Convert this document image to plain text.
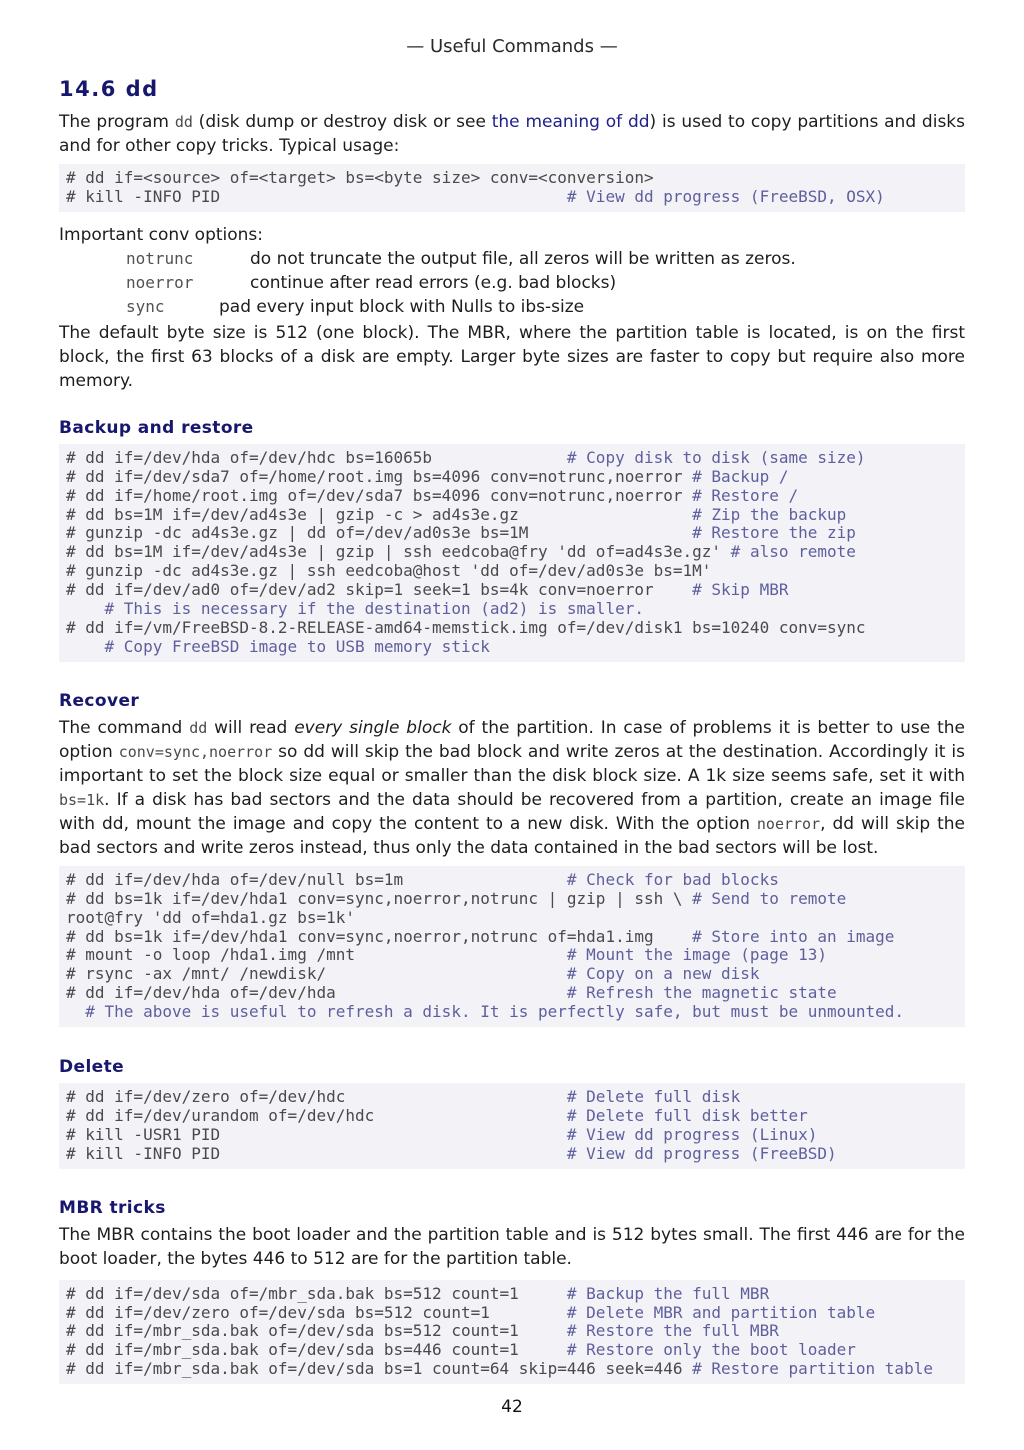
— Useful Commands —
14.6 dd

The program dd (disk dump or destroy disk or see the meaning of dd) is used to copy partitions and disks and for other copy tricks. Typical usage:

# dd if=<source> of=<target> bs=<byte size> conv=<conversion>
# kill -INFO PID                                    # View dd progress (FreeBSD, OSX)

Important conv options:

notrunc	do not truncate the output file, all zeros will be written as zeros.
noerror	continue after read errors (e.g. bad blocks)
sync	pad every input block with Nulls to ibs-size

The default byte size is 512 (one block). The MBR, where the partition table is located, is on the first block, the first 63 blocks of a disk are empty. Larger byte sizes are faster to copy but require also more memory.

Backup and restore
# dd if=/dev/hda of=/dev/hdc bs=16065b              # Copy disk to disk (same size)
# dd if=/dev/sda7 of=/home/root.img bs=4096 conv=notrunc,noerror # Backup /
# dd if=/home/root.img of=/dev/sda7 bs=4096 conv=notrunc,noerror # Restore /
# dd bs=1M if=/dev/ad4s3e | gzip -c > ad4s3e.gz                  # Zip the backup
# gunzip -dc ad4s3e.gz | dd of=/dev/ad0s3e bs=1M                 # Restore the zip
# dd bs=1M if=/dev/ad4s3e | gzip | ssh eedcoba@fry 'dd of=ad4s3e.gz' # also remote
# gunzip -dc ad4s3e.gz | ssh eedcoba@host 'dd of=/dev/ad0s3e bs=1M'
# dd if=/dev/ad0 of=/dev/ad2 skip=1 seek=1 bs=4k conv=noerror    # Skip MBR
# This is necessary if the destination (ad2) is smaller.
# dd if=/vm/FreeBSD-8.2-RELEASE-amd64-memstick.img of=/dev/disk1 bs=10240 conv=sync
# Copy FreeBSD image to USB memory stick
Recover

The command dd will read every single block of the partition. In case of problems it is better to use the option conv=sync,noerror so dd will skip the bad block and write zeros at the destination. Accordingly it is important to set the block size equal or smaller than the disk block size. A 1k size seems safe, set it with bs=1k. If a disk has bad sectors and the data should be recovered from a partition, create an image file with dd, mount the image and copy the content to a new disk. With the option noerror, dd will skip the bad sectors and write zeros instead, thus only the data contained in the bad sectors will be lost.

# dd if=/dev/hda of=/dev/null bs=1m                 # Check for bad blocks
# dd bs=1k if=/dev/hda1 conv=sync,noerror,notrunc | gzip | ssh \ # Send to remote
root@fry 'dd of=hda1.gz bs=1k'
# dd bs=1k if=/dev/hda1 conv=sync,noerror,notrunc of=hda1.img    # Store into an image
# mount -o loop /hda1.img /mnt                      # Mount the image (page 13)
# rsync -ax /mnt/ /newdisk/                         # Copy on a new disk
# dd if=/dev/hda of=/dev/hda                        # Refresh the magnetic state
# The above is useful to refresh a disk. It is perfectly safe, but must be unmounted.
Delete
# dd if=/dev/zero of=/dev/hdc                       # Delete full disk
# dd if=/dev/urandom of=/dev/hdc                    # Delete full disk better
# kill -USR1 PID                                    # View dd progress (Linux)
# kill -INFO PID                                    # View dd progress (FreeBSD)
MBR tricks

The MBR contains the boot loader and the partition table and is 512 bytes small. The first 446 are for the boot loader, the bytes 446 to 512 are for the partition table.

# dd if=/dev/sda of=/mbr_sda.bak bs=512 count=1     # Backup the full MBR
# dd if=/dev/zero of=/dev/sda bs=512 count=1        # Delete MBR and partition table
# dd if=/mbr_sda.bak of=/dev/sda bs=512 count=1     # Restore the full MBR
# dd if=/mbr_sda.bak of=/dev/sda bs=446 count=1     # Restore only the boot loader
# dd if=/mbr_sda.bak of=/dev/sda bs=1 count=64 skip=446 seek=446 # Restore partition table
42
